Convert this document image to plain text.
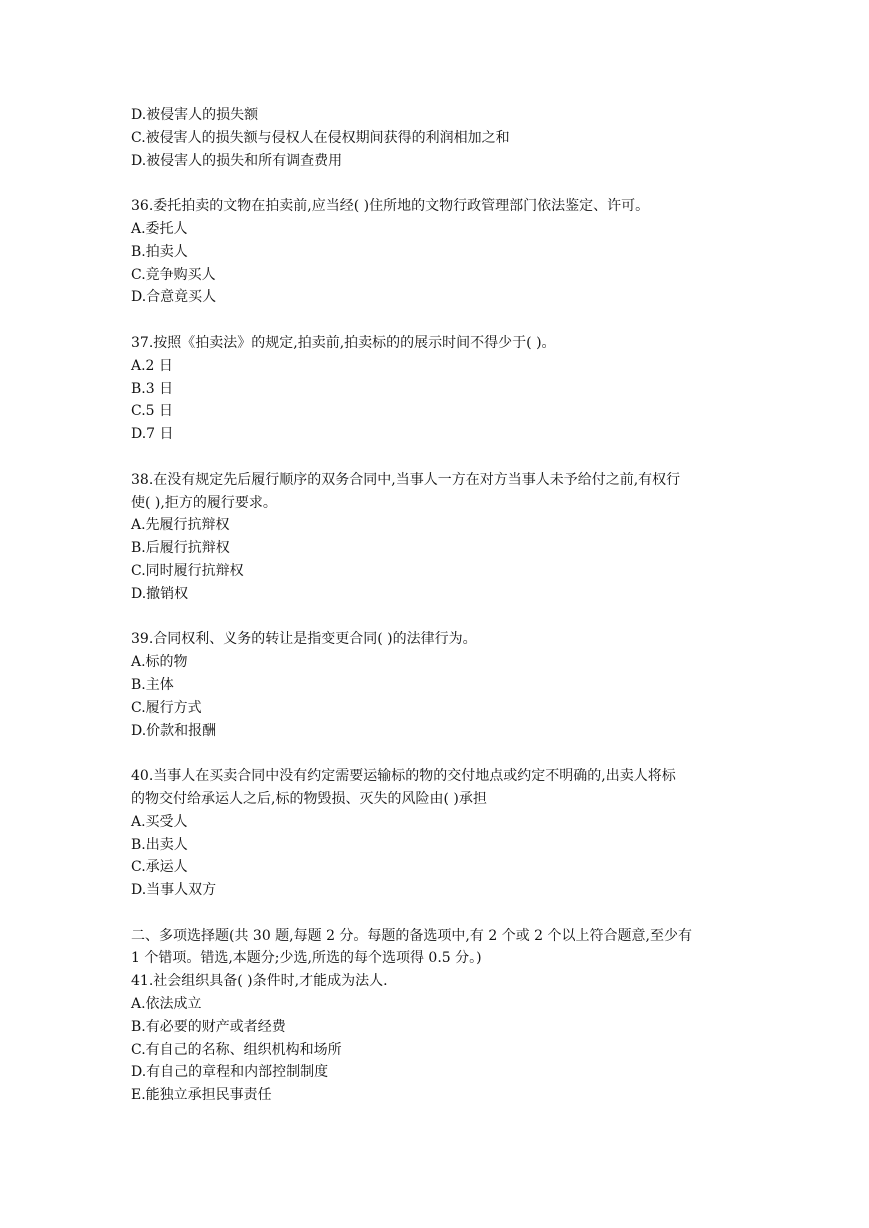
D.被侵害人的损失额
C.被侵害人的损失额与侵权人在侵权期间获得的利润相加之和
D.被侵害人的损失和所有调查费用
36.委托拍卖的文物在拍卖前,应当经( )住所地的文物行政管理部门依法鉴定、许可。
A.委托人
B.拍卖人
C.竞争购买人
D.合意竟买人
37.按照《拍卖法》的规定,拍卖前,拍卖标的的展示时间不得少于( )。
A.2 日
B.3 日
C.5 日
D.7 日
38.在没有规定先后履行顺序的双务合同中,当事人一方在对方当事人未予给付之前,有权行
使( ),拒方的履行要求。
A.先履行抗辩权
B.后履行抗辩权
C.同时履行抗辩权
D.撤销权
39.合同权利、义务的转让是指变更合同( )的法律行为。
A.标的物
B.主体
C.履行方式
D.价款和报酬
40.当事人在买卖合同中没有约定需要运输标的物的交付地点或约定不明确的,出卖人将标
的物交付给承运人之后,标的物毁损、灭失的风险由( )承担
A.买受人
B.出卖人
C.承运人
D.当事人双方
二、多项选择题(共 30 题,每题 2 分。每题的备选项中,有 2 个或 2 个以上符合题意,至少有
1 个错项。错选,本题分;少选,所选的每个选项得 0.5 分。)
41.社会组织具备( )条件时,才能成为法人.
A.依法成立
B.有必要的财产或者经费
C.有自己的名称、组织机构和场所
D.有自己的章程和内部控制制度
E.能独立承担民事责任
